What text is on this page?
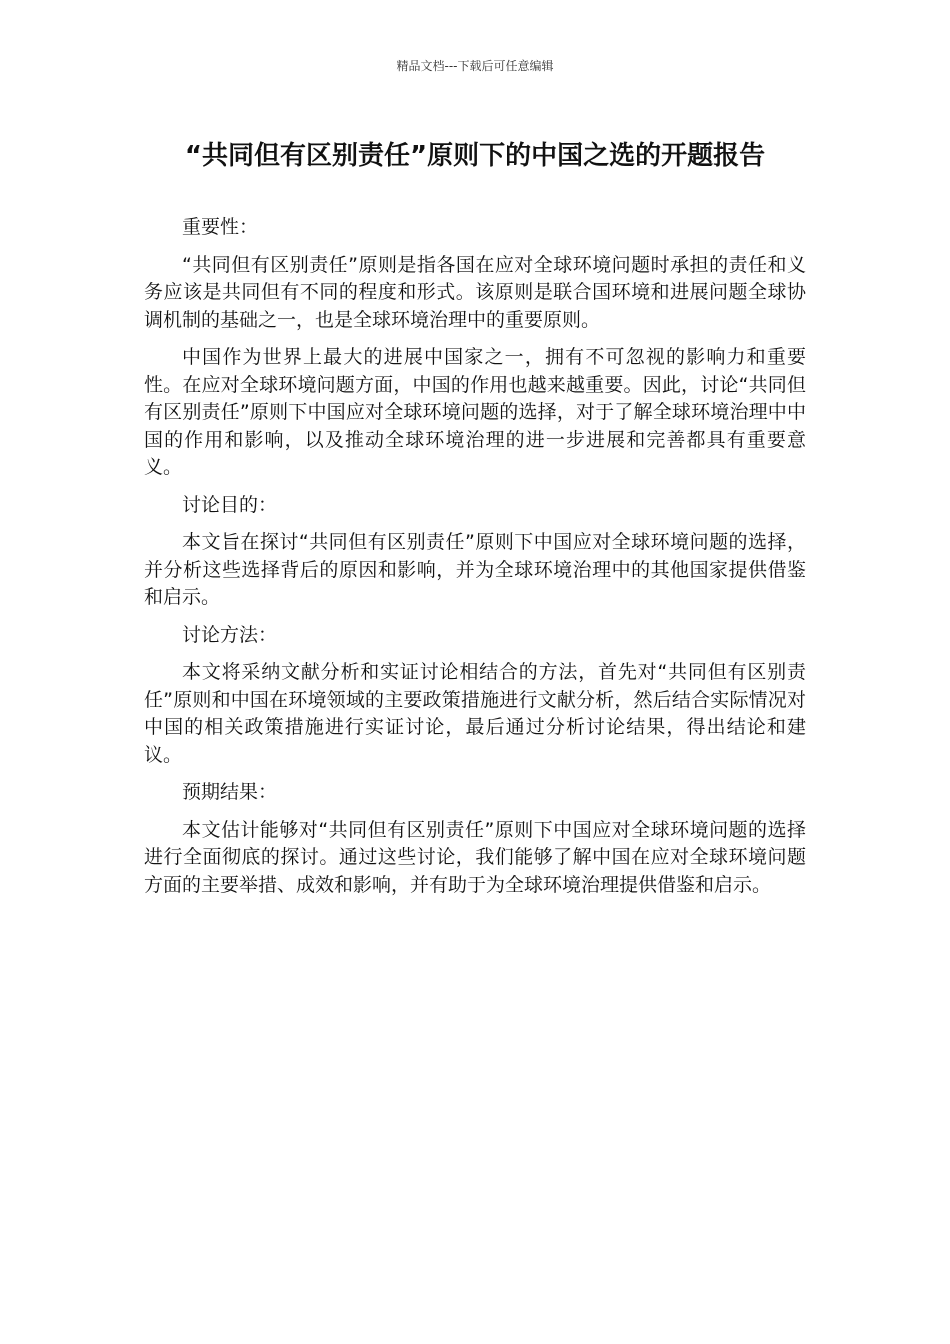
精品文档---下载后可任意编辑
“共同但有区别责任”原则下的中国之选的开题报告

重要性：

“共同但有区别责任”原则是指各国在应对全球环境问题时承担的责任和义务应该是共同但有不同的程度和形式。该原则是联合国环境和进展问题全球协调机制的基础之一，也是全球环境治理中的重要原则。

中国作为世界上最大的进展中国家之一，拥有不可忽视的影响力和重要性。在应对全球环境问题方面，中国的作用也越来越重要。因此，讨论“共同但有区别责任”原则下中国应对全球环境问题的选择，对于了解全球环境治理中中国的作用和影响，以及推动全球环境治理的进一步进展和完善都具有重要意义。

讨论目的：

本文旨在探讨“共同但有区别责任”原则下中国应对全球环境问题的选择，并分析这些选择背后的原因和影响，并为全球环境治理中的其他国家提供借鉴和启示。

讨论方法：

本文将采纳文献分析和实证讨论相结合的方法，首先对“共同但有区别责任”原则和中国在环境领域的主要政策措施进行文献分析，然后结合实际情况对中国的相关政策措施进行实证讨论，最后通过分析讨论结果，得出结论和建议。

预期结果：

本文估计能够对“共同但有区别责任”原则下中国应对全球环境问题的选择进行全面彻底的探讨。通过这些讨论，我们能够了解中国在应对全球环境问题方面的主要举措、成效和影响，并有助于为全球环境治理提供借鉴和启示。
